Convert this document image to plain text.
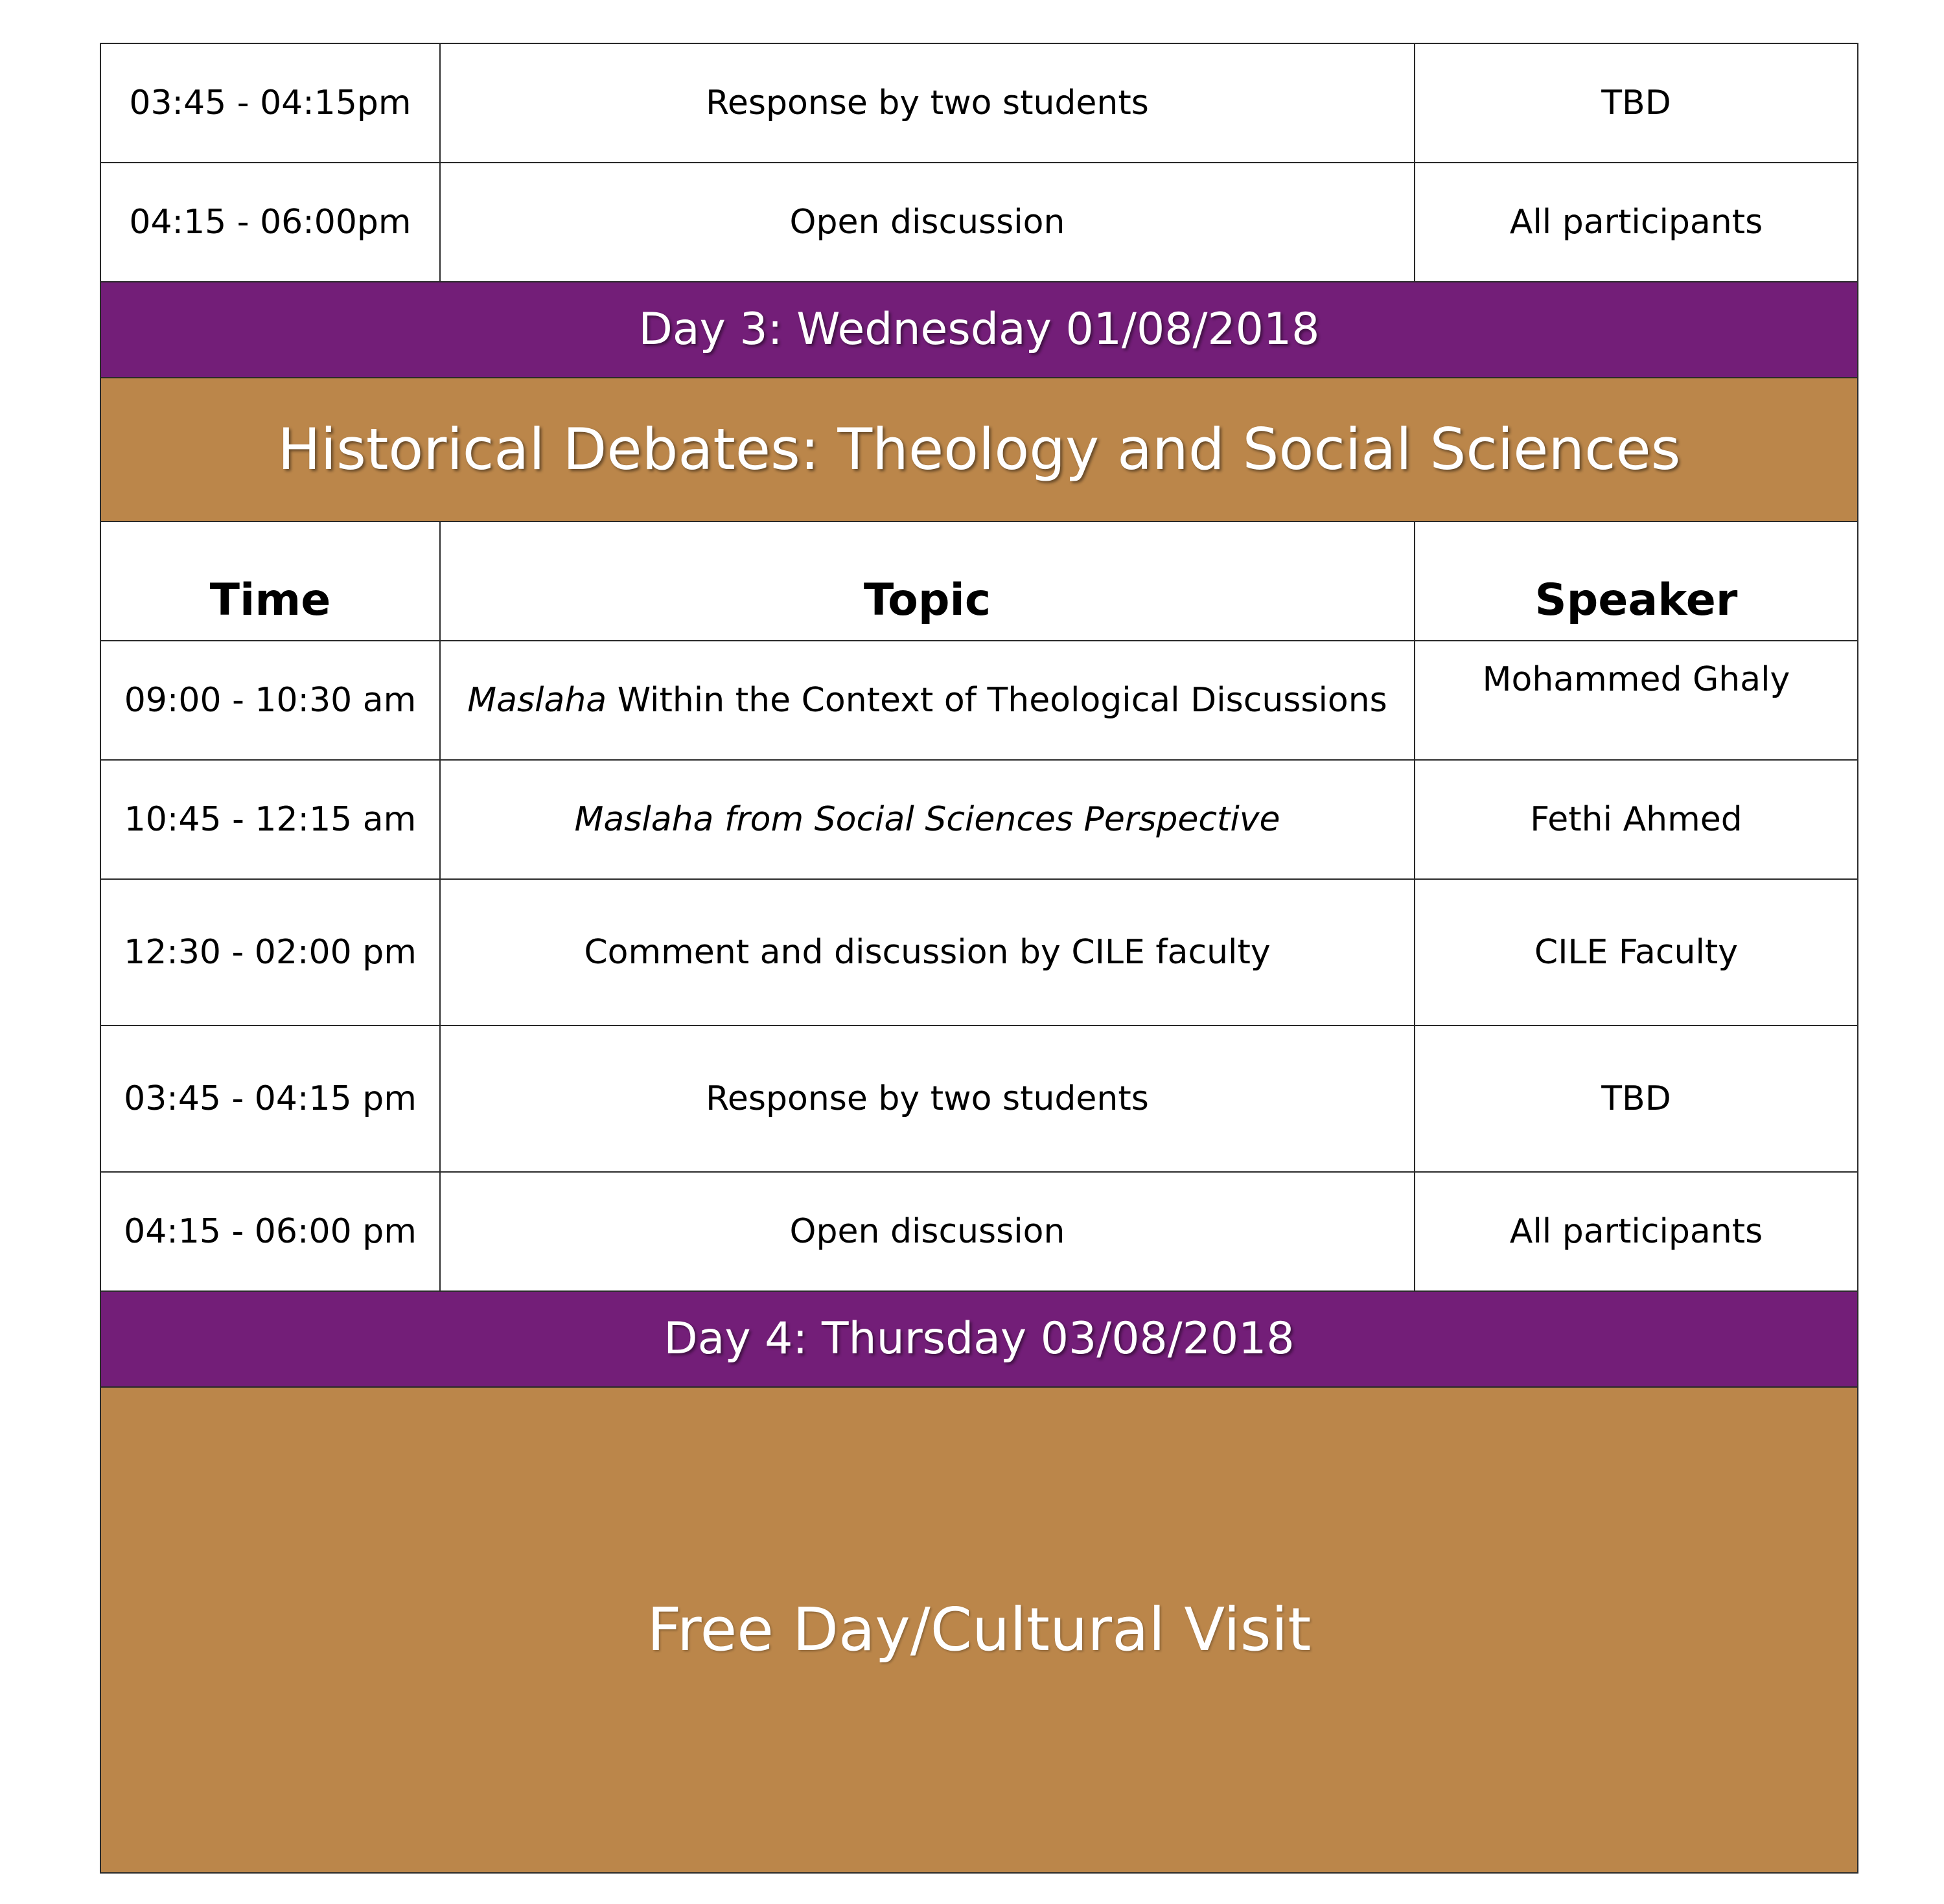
03:45 - 04:15pm	Response by two students	TBD
04:15 - 06:00pm	Open discussion	All participants
Day 3: Wednesday 01/08/2018		
Historical Debates: Theology and Social Sciences		
Time	Topic	Speaker
09:00 - 10:30 am	Maslaha Within the Context of Theological Discussions	Mohammed Ghaly
10:45 - 12:15 am	Maslaha from Social Sciences Perspective	Fethi Ahmed
12:30 - 02:00 pm	Comment and discussion by CILE faculty	CILE Faculty
03:45 - 04:15 pm	Response by two students	TBD
04:15 - 06:00 pm	Open discussion	All participants
Day 4: Thursday 03/08/2018		
Free Day/Cultural Visit		
